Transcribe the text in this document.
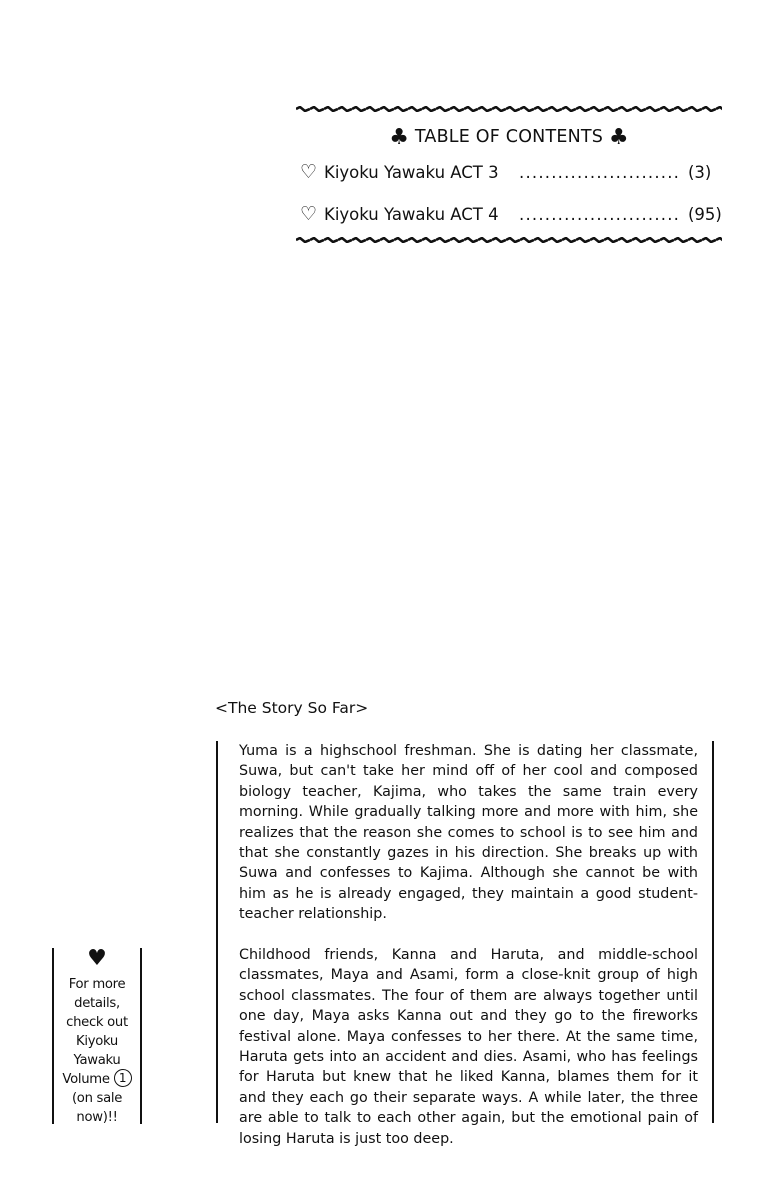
♣ TABLE OF CONTENTS ♣
♡ Kiyoku Yawaku ACT 3 ......................... (3)
♡ Kiyoku Yawaku ACT 4 ......................... (95)
<The Story So Far>

Yuma is a highschool freshman. She is dating her classmate, Suwa, but can't take her mind off of her cool and composed biology teacher, Kajima, who takes the same train every morning. While gradually talking more and more with him, she realizes that the reason she comes to school is to see him and that she constantly gazes in his direction. She breaks up with Suwa and confesses to Kajima. Although she cannot be with him as he is already engaged, they maintain a good student-teacher relationship.

Childhood friends, Kanna and Haruta, and middle-school classmates, Maya and Asami, form a close-knit group of high school classmates. The four of them are always together until one day, Maya asks Kanna out and they go to the fireworks festival alone. Maya confesses to her there. At the same time, Haruta gets into an accident and dies. Asami, who has feelings for Haruta but knew that he liked Kanna, blames them for it and they each go their separate ways. A while later, the three are able to talk to each other again, but the emotional pain of losing Haruta is just too deep.

♥
For more
details,
check out
Kiyoku
Yawaku
Volume 1
(on sale
now)!!
